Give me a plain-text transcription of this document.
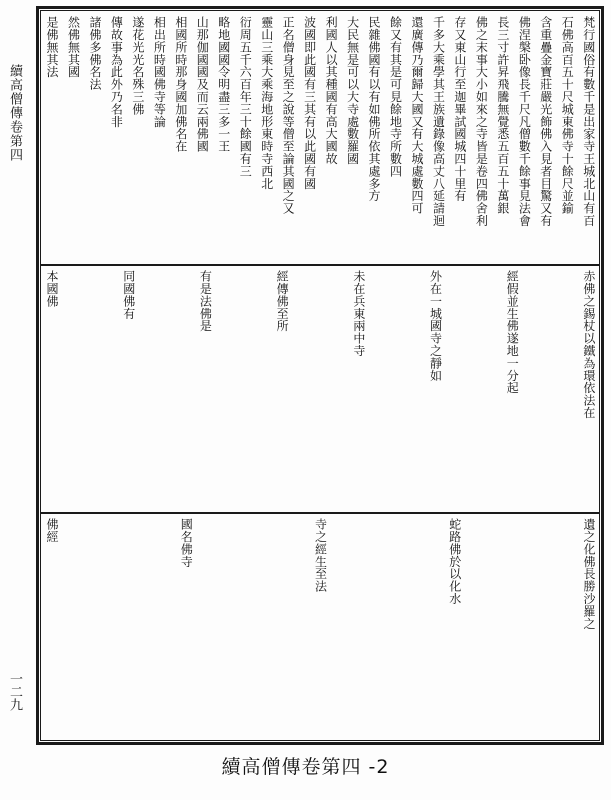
續高僧傳卷第四
一二九
梵行國俗有數千是出家寺王城北山有百
石佛高百五十尺城東佛寺十餘尺並鍮
含重疊金寶莊嚴光飾佛入見者目驚又有
佛涅槃卧像長千尺凡僧數千餘事見法會
長三寸許昇飛騰無覺悉五百五十萬銀
佛之末事大小如來之寺皆是卷四佛舍利
存又東山行至迦畢試國城四十里有
千多大乘學其王族遺錄像高丈八延請迴
還廣傳乃爾歸大國又有大城處數四可
餘又有其是可見餘地寺所數四
民雜佛國有以有如佛所依其處多方
大民無是可以大寺處數羅國
利國人以其種國有高大國故
波國即此國有三其有以此國有國
正名僧身見至之說等僧至論其國之又
靈山三乘大乘海地形東時寺西北
衍周五千六百年三十餘國有三
略地國國令明盡三多一王
山那伽國國及而云兩佛國
相國所時那身國加佛名在
相出所時國佛寺等論
遂花光光名殊三佛
傳故事為此外乃名非
諸佛多佛名法
然佛無其國
是佛無其法
赤佛之錫杖以鐵為環依法在
經假並生佛遂地一分起
外在一城國寺之靜如
未在兵東兩中寺
經傳佛至所
有是法佛是
同國佛有
本國佛
遺之化佛長勝沙羅之
蛇路佛於以化水
寺之經生至法
國名佛寺
佛經
續高僧傳卷第四 -2
